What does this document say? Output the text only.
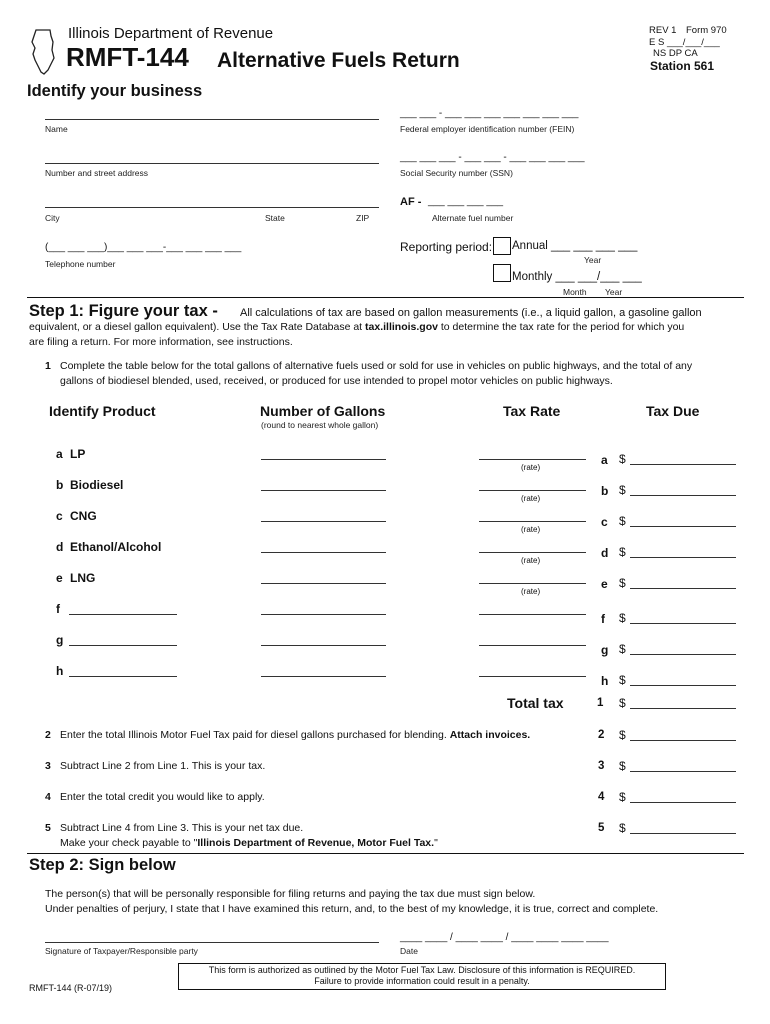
Illinois Department of Revenue
RMFT-144 Alternative Fuels Return
REV 1 Form 970
E S ___/___/___
NS DP CA
Station 561
Identify your business
Name
___ ___ - ___ ___ ___ ___ ___ ___ ___
Federal employer identification number (FEIN)
Number and street address
___ ___ ___ - ___ ___ - ___ ___ ___ ___
Social Security number (SSN)
City	State	ZIP
AF - ___ ___ ___ ___
Alternate fuel number
(___ ___ ___)___ ___ ___-___ ___ ___ ___
Telephone number
Reporting period: Annual ___ ___ ___ ___
Year
Monthly ___ ___/___ ___
Month Year
Step 1: Figure your tax - All calculations of tax are based on gallon measurements (i.e., a liquid gallon, a gasoline gallon
equivalent, or a diesel gallon equivalent). Use the Tax Rate Database at tax.illinois.gov to determine the tax rate for the period for which you
are filing a return. For more information, see instructions.
1 Complete the table below for the total gallons of alternative fuels used or sold for use in vehicles on public highways, and the total of any
gallons of biodiesel blended, used, received, or produced for use intended to propel motor vehicles on public highways.
Identify Product	Number of Gallons
(round to nearest whole gallon)
Tax Rate	Tax Due
a LP
(rate)
a $
b Biodiesel
(rate)
b $
c CNG
(rate)
c $
d Ethanol/Alcohol
(rate)
d $
e LNG
(rate)
e $
f
f $
g
g $
h
h $
Total tax	1 $
2 Enter the total Illinois Motor Fuel Tax paid for diesel gallons purchased for blending. Attach invoices.	2 $
3 Subtract Line 2 from Line 1. This is your tax.	3 $
4 Enter the total credit you would like to apply.	4 $
5 Subtract Line 4 from Line 3. This is your net tax due.
Make your check payable to "Illinois Department of Revenue, Motor Fuel Tax."
5 $
Step 2: Sign below
The person(s) that will be personally responsible for filing returns and paying the tax due must sign below.
Under penalties of perjury, I state that I have examined this return, and, to the best of my knowledge, it is true, correct and complete.
Signature of Taxpayer/Responsible party
____ ____ / ____ ____ / ____ ____ ____ ____
Date
RMFT-144 (R-07/19)
This form is authorized as outlined by the Motor Fuel Tax Law. Disclosure of this information is REQUIRED.
Failure to provide information could result in a penalty.
